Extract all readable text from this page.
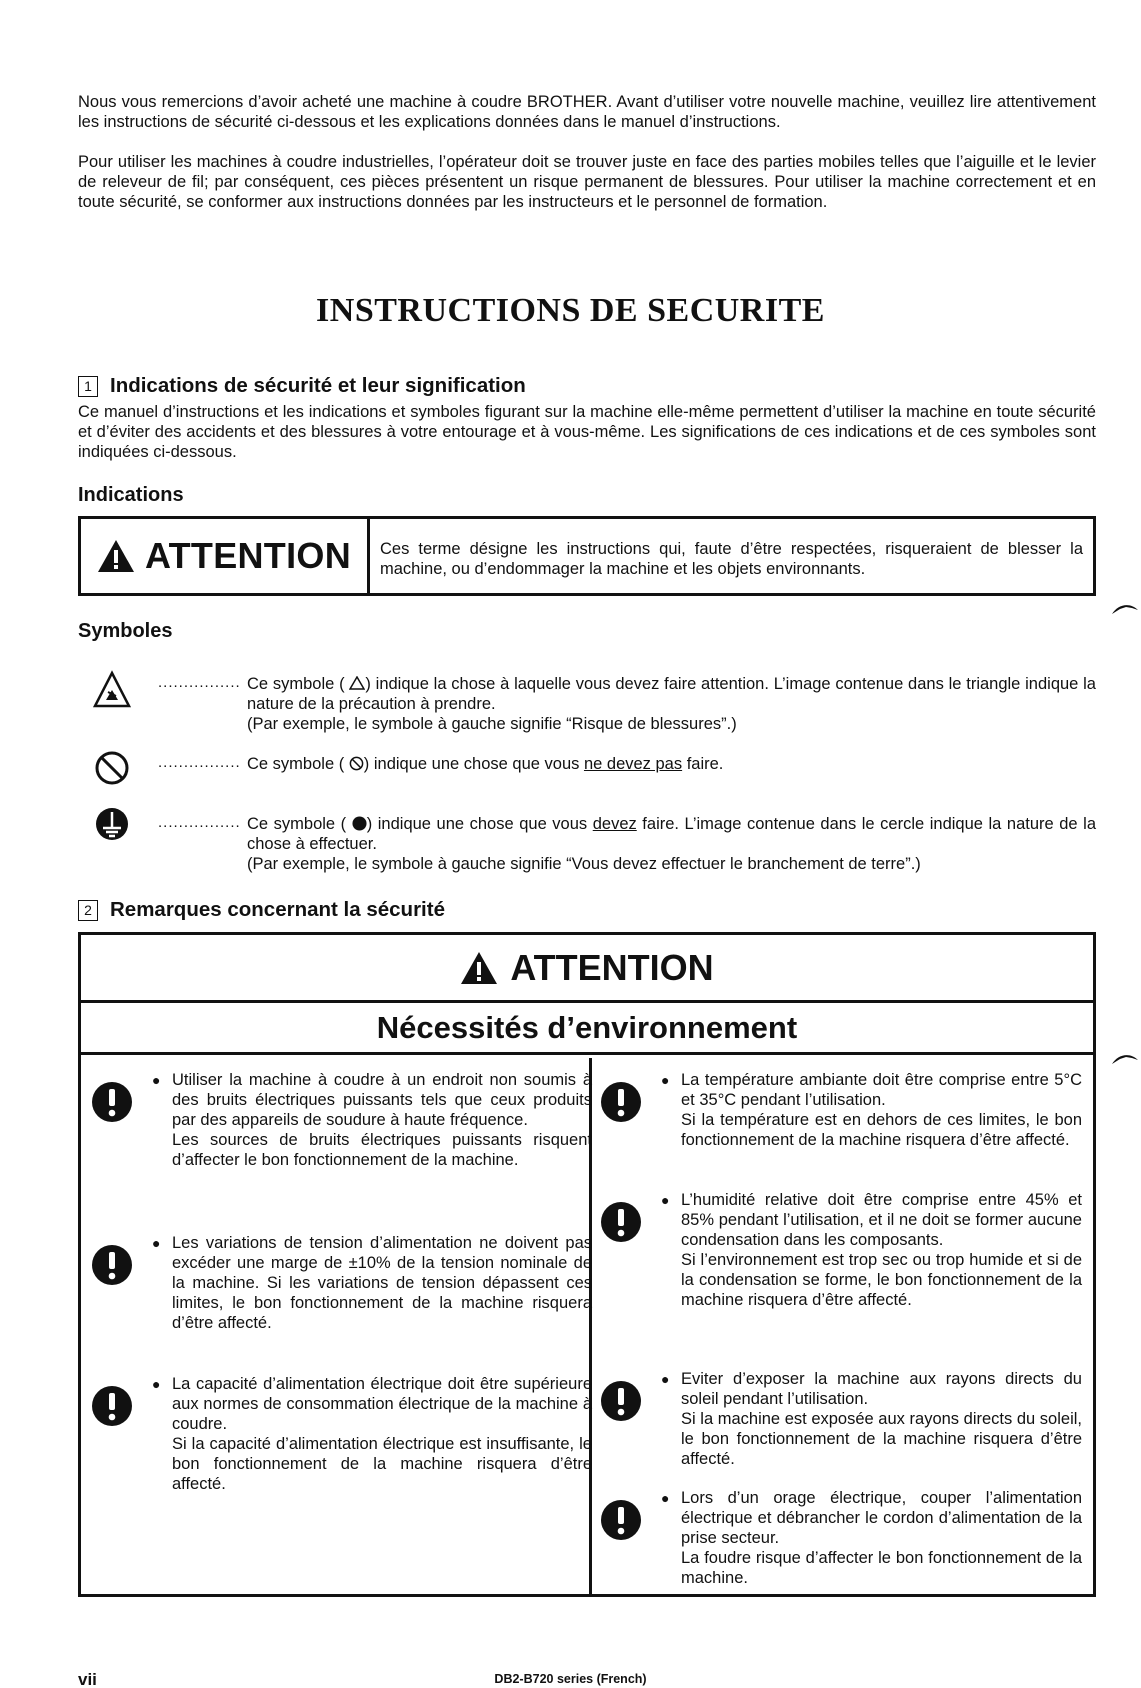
Nous vous remercions d’avoir acheté une machine à coudre BROTHER. Avant d’utiliser votre nouvelle machine, veuillez lire attentivement les instructions de sécurité ci-dessous et les explications données dans le manuel d’instructions.

Pour utiliser les machines à coudre industrielles, l’opérateur doit se trouver juste en face des parties mobiles telles que l’aiguille et le levier de releveur de fil; par conséquent, ces pièces présentent un risque permanent de blessures. Pour utiliser la machine correctement et en toute sécurité, se conformer aux instructions données par les instructeurs et le personnel de formation.

INSTRUCTIONS DE SECURITE
1 Indications de sécurité et leur signification

Ce manuel d’instructions et les indications et symboles figurant sur la machine elle-même permettent d’utiliser la machine en toute sécurité et d’éviter des accidents et des blessures à votre entourage et à vous-même. Les significations de ces indications et de ces symboles sont indiquées ci-dessous.

Indications
ATTENTION	Ces terme désigne les instructions qui, faute d’être respectées, risqueraient de blesser la machine, ou d’endommager la machine et les objets environnants.
Symboles
................ Ce symbole ( ) indique la chose à laquelle vous devez faire attention. L’image contenue dans le triangle indique la nature de la précaution à prendre.
(Par exemple, le symbole à gauche signifie “Risque de blessures”.)
................ Ce symbole ( ) indique une chose que vous ne devez pas faire.
................ Ce symbole ( ) indique une chose que vous devez faire. L’image contenue dans le cercle indique la nature de la chose à effectuer.
(Par exemple, le symbole à gauche signifie “Vous devez effectuer le branchement de terre”.)
2 Remarques concernant la sécurité
ATTENTION
Nécessités d’environnement
● Utiliser la machine à coudre à un endroit non soumis à des bruits électriques puissants tels que ceux produits par des appareils de soudure à haute fréquence.
Les sources de bruits électriques puissants risquent d’affecter le bon fonctionnement de la machine.
● Les variations de tension d’alimentation ne doivent pas excéder une marge de ±10% de la tension nominale de la machine. Si les variations de tension dépassent ces limites, le bon fonctionnement de la machine risquera d’être affecté.
● La capacité d’alimentation électrique doit être supérieure aux normes de consommation électrique de la machine à coudre.
Si la capacité d’alimentation électrique est insuffisante, le bon fonctionnement de la machine risquera d’être affecté.
● La température ambiante doit être comprise entre 5°C et 35°C pendant l’utilisation.
Si la température est en dehors de ces limites, le bon fonctionnement de la machine risquera d’être affecté.
● L’humidité relative doit être comprise entre 45% et 85% pendant l’utilisation, et il ne doit se former aucune condensation dans les composants.
Si l’environnement est trop sec ou trop humide et si de la condensation se forme, le bon fonctionnement de la machine risquera d’être affecté.
● Eviter d’exposer la machine aux rayons directs du soleil pendant l’utilisation.
Si la machine est exposée aux rayons directs du soleil, le bon fonctionnement de la machine risquera d’être affecté.
● Lors d’un orage électrique, couper l’alimentation électrique et débrancher le cordon d’alimentation de la prise secteur.
La foudre risque d’affecter le bon fonctionnement de la machine.
vii	DB2-B720 series (French)
